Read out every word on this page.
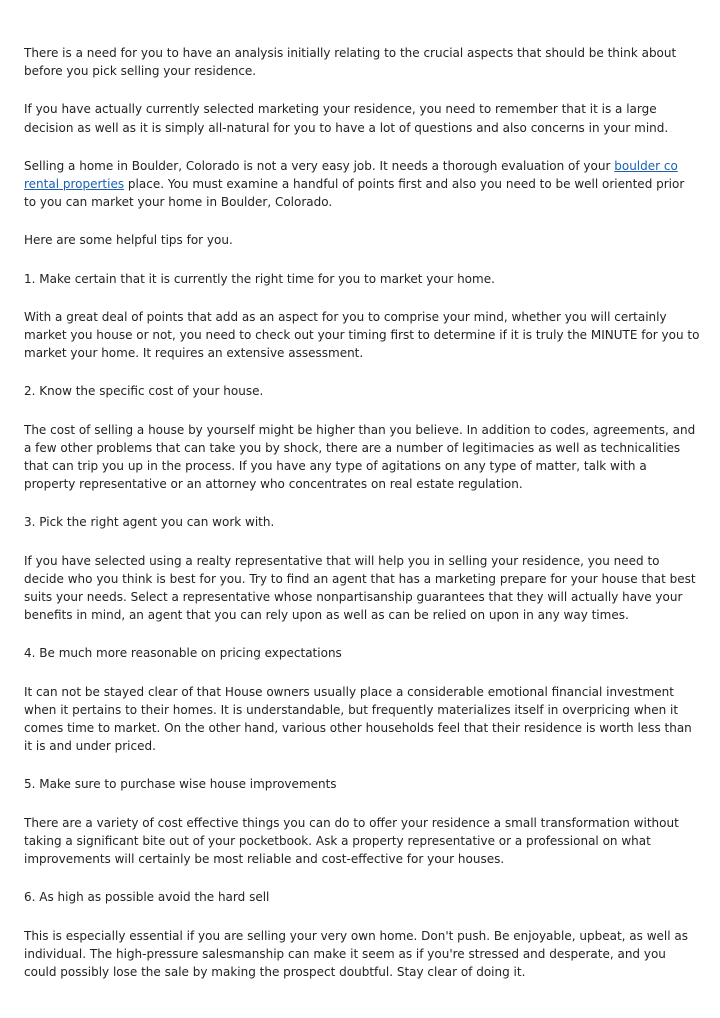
There is a need for you to have an analysis initially relating to the crucial aspects that should be think about before you pick selling your residence.

If you have actually currently selected marketing your residence, you need to remember that it is a large decision as well as it is simply all-natural for you to have a lot of questions and also concerns in your mind.

Selling a home in Boulder, Colorado is not a very easy job. It needs a thorough evaluation of your boulder co rental properties place. You must examine a handful of points first and also you need to be well oriented prior to you can market your home in Boulder, Colorado.

Here are some helpful tips for you.

1. Make certain that it is currently the right time for you to market your home.

With a great deal of points that add as an aspect for you to comprise your mind, whether you will certainly market you house or not, you need to check out your timing first to determine if it is truly the MINUTE for you to market your home. It requires an extensive assessment.

2. Know the specific cost of your house.

The cost of selling a house by yourself might be higher than you believe. In addition to codes, agreements, and a few other problems that can take you by shock, there are a number of legitimacies as well as technicalities that can trip you up in the process. If you have any type of agitations on any type of matter, talk with a property representative or an attorney who concentrates on real estate regulation.

3. Pick the right agent you can work with.

If you have selected using a realty representative that will help you in selling your residence, you need to decide who you think is best for you. Try to find an agent that has a marketing prepare for your house that best suits your needs. Select a representative whose nonpartisanship guarantees that they will actually have your benefits in mind, an agent that you can rely upon as well as can be relied on upon in any way times.

4. Be much more reasonable on pricing expectations

It can not be stayed clear of that House owners usually place a considerable emotional financial investment when it pertains to their homes. It is understandable, but frequently materializes itself in overpricing when it comes time to market. On the other hand, various other households feel that their residence is worth less than it is and under priced.

5. Make sure to purchase wise house improvements

There are a variety of cost effective things you can do to offer your residence a small transformation without taking a significant bite out of your pocketbook. Ask a property representative or a professional on what improvements will certainly be most reliable and cost-effective for your houses.

6. As high as possible avoid the hard sell

This is especially essential if you are selling your very own home. Don't push. Be enjoyable, upbeat, as well as individual. The high-pressure salesmanship can make it seem as if you're stressed and desperate, and you could possibly lose the sale by making the prospect doubtful. Stay clear of doing it.
